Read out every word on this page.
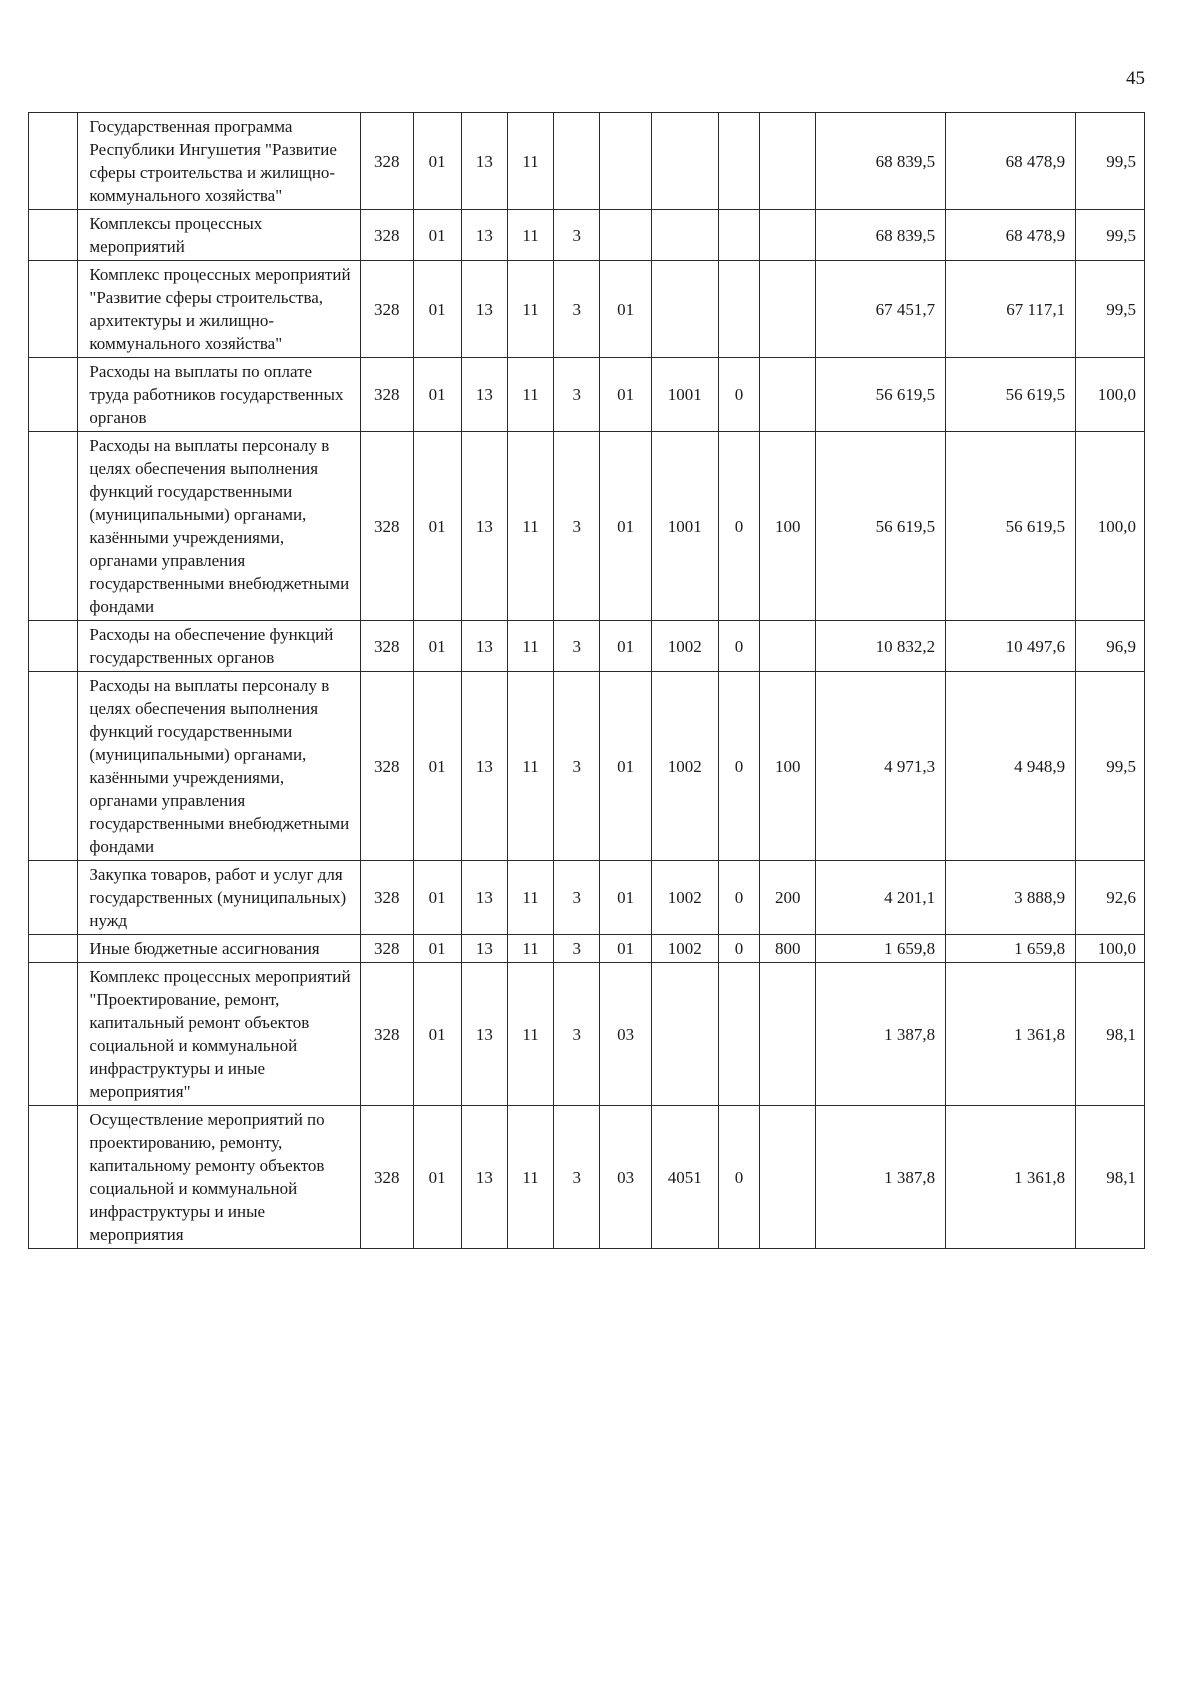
45
	Государственная программа Республики Ингушетия "Развитие сферы строительства и жилищно-коммунального хозяйства"	328	01	13	11						68 839,5	68 478,9	99,5
	Комплексы процессных мероприятий	328	01	13	11	3					68 839,5	68 478,9	99,5
	Комплекс процессных мероприятий "Развитие сферы строительства, архитектуры и жилищно-коммунального хозяйства"	328	01	13	11	3	01				67 451,7	67 117,1	99,5
	Расходы на выплаты по оплате труда работников государственных органов	328	01	13	11	3	01	1001	0		56 619,5	56 619,5	100,0
	Расходы на выплаты персоналу в целях обеспечения выполнения функций государственными (муниципальными) органами, казёнными учреждениями, органами управления государственными внебюджетными фондами	328	01	13	11	3	01	1001	0	100	56 619,5	56 619,5	100,0
	Расходы на обеспечение функций государственных органов	328	01	13	11	3	01	1002	0		10 832,2	10 497,6	96,9
	Расходы на выплаты персоналу в целях обеспечения выполнения функций государственными (муниципальными) органами, казёнными учреждениями, органами управления государственными внебюджетными фондами	328	01	13	11	3	01	1002	0	100	4 971,3	4 948,9	99,5
	Закупка товаров, работ и услуг для государственных (муниципальных) нужд	328	01	13	11	3	01	1002	0	200	4 201,1	3 888,9	92,6
	Иные бюджетные ассигнования	328	01	13	11	3	01	1002	0	800	1 659,8	1 659,8	100,0
	Комплекс процессных мероприятий "Проектирование, ремонт, капитальный ремонт объектов социальной и коммунальной инфраструктуры и иные мероприятия"	328	01	13	11	3	03				1 387,8	1 361,8	98,1
	Осуществление мероприятий по проектированию, ремонту, капитальному ремонту объектов социальной и коммунальной инфраструктуры и иные мероприятия	328	01	13	11	3	03	4051	0		1 387,8	1 361,8	98,1
